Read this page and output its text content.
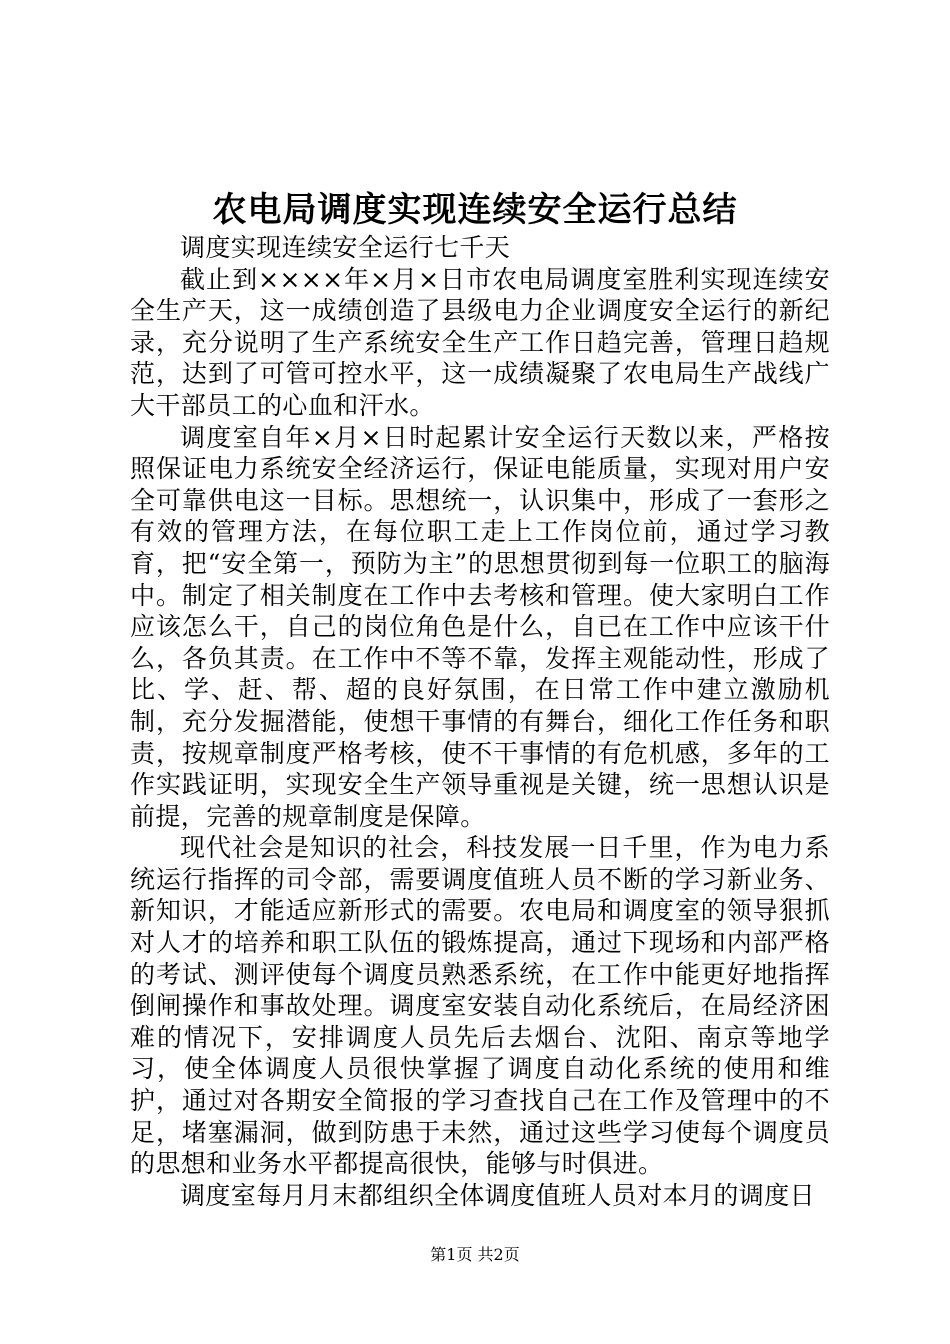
农电局调度实现连续安全运行总结

调度实现连续安全运行七千天

截止到××××年×月×日市农电局调度室胜利实现连续安全生产天，这一成绩创造了县级电力企业调度安全运行的新纪录，充分说明了生产系统安全生产工作日趋完善，管理日趋规范，达到了可管可控水平，这一成绩凝聚了农电局生产战线广大干部员工的心血和汗水。

调度室自年×月×日时起累计安全运行天数以来，严格按照保证电力系统安全经济运行，保证电能质量，实现对用户安全可靠供电这一目标。思想统一，认识集中，形成了一套形之有效的管理方法，在每位职工走上工作岗位前，通过学习教育，把“安全第一，预防为主”的思想贯彻到每一位职工的脑海中。制定了相关制度在工作中去考核和管理。使大家明白工作应该怎么干，自己的岗位角色是什么，自已在工作中应该干什么，各负其责。在工作中不等不靠，发挥主观能动性，形成了比、学、赶、帮、超的良好氛围，在日常工作中建立激励机制，充分发掘潜能，使想干事情的有舞台，细化工作任务和职责，按规章制度严格考核，使不干事情的有危机感，多年的工作实践证明，实现安全生产领导重视是关键，统一思想认识是前提，完善的规章制度是保障。

现代社会是知识的社会，科技发展一日千里，作为电力系统运行指挥的司令部，需要调度值班人员不断的学习新业务、新知识，才能适应新形式的需要。农电局和调度室的领导狠抓对人才的培养和职工队伍的锻炼提高，通过下现场和内部严格的考试、测评使每个调度员熟悉系统，在工作中能更好地指挥倒闸操作和事故处理。调度室安装自动化系统后，在局经济困难的情况下，安排调度人员先后去烟台、沈阳、南京等地学习，使全体调度人员很快掌握了调度自动化系统的使用和维护，通过对各期安全简报的学习查找自己在工作及管理中的不足，堵塞漏洞，做到防患于未然，通过这些学习使每个调度员的思想和业务水平都提高很快，能够与时俱进。

调度室每月月末都组织全体调度值班人员对本月的调度日

第1页 共2页
